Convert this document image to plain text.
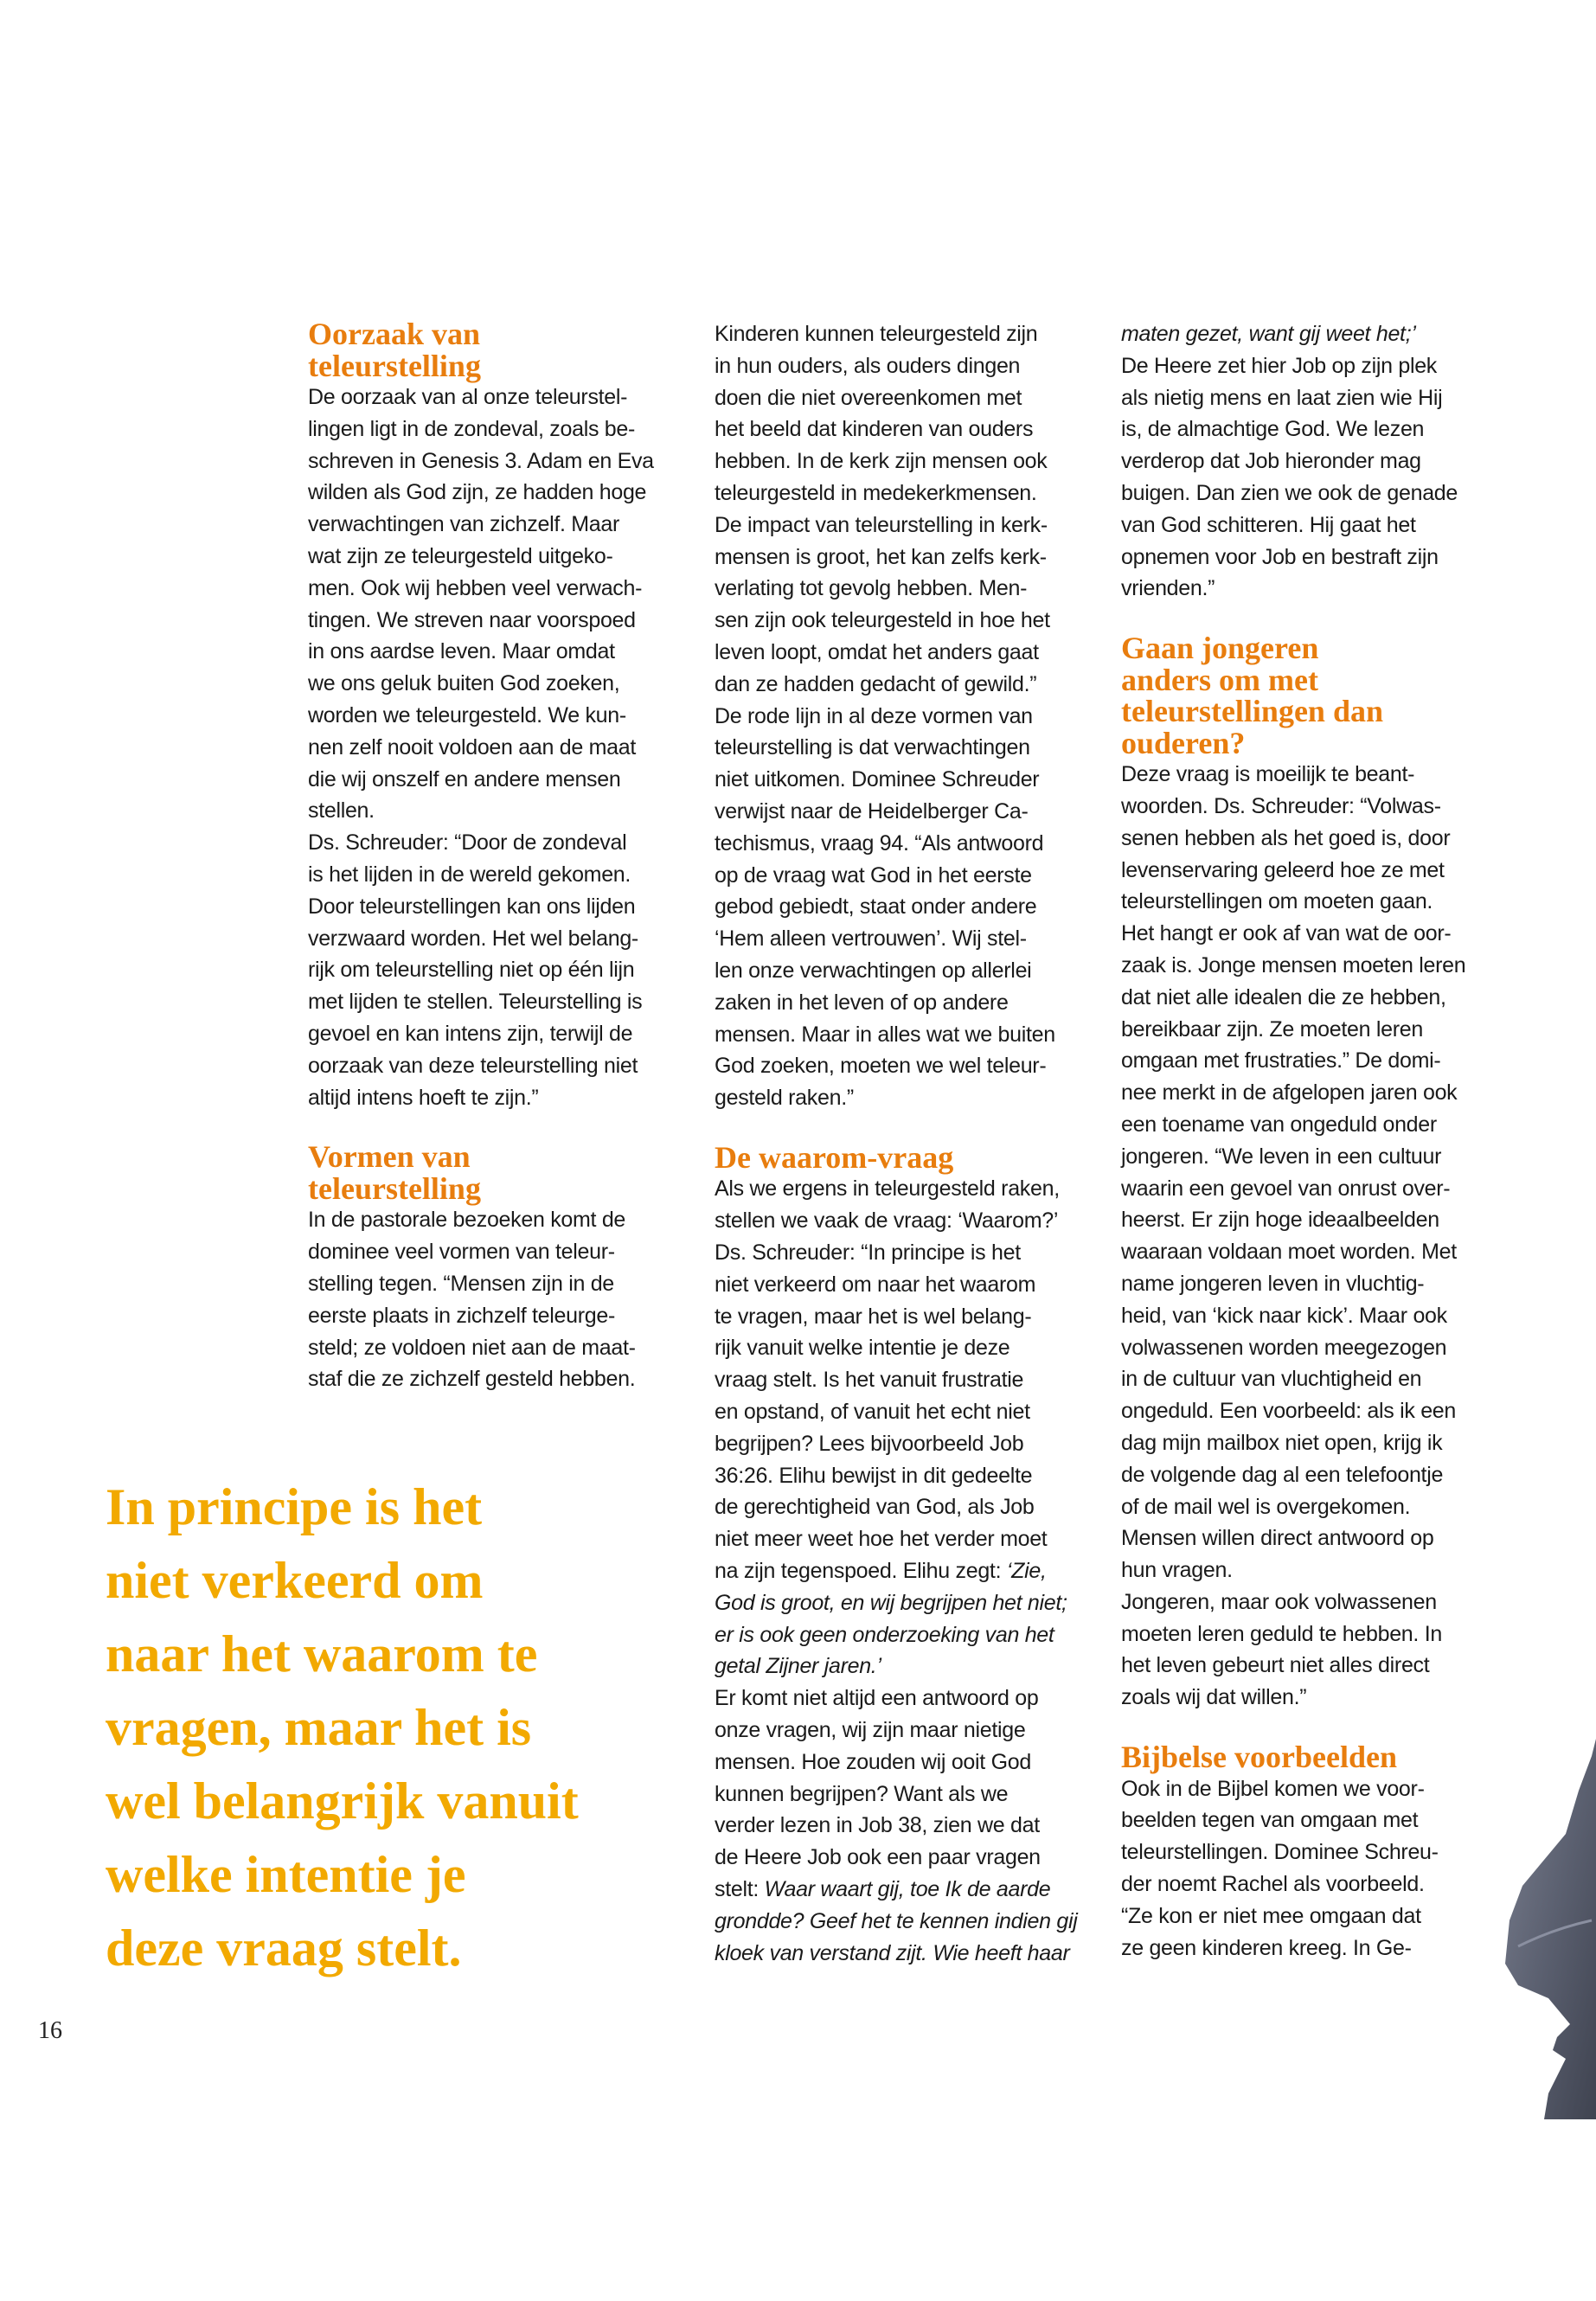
Oorzaak van
teleurstelling
De oorzaak van al onze teleurstel-
lingen ligt in de zondeval, zoals be-
schreven in Genesis 3. Adam en Eva
wilden als God zijn, ze hadden hoge
verwachtingen van zichzelf. Maar
wat zijn ze teleurgesteld uitgeko-
men. Ook wij hebben veel verwach-
tingen. We streven naar voorspoed
in ons aardse leven. Maar omdat
we ons geluk buiten God zoeken,
worden we teleurgesteld. We kun-
nen zelf nooit voldoen aan de maat
die wij onszelf en andere mensen
stellen.
Ds. Schreuder: “Door de zondeval
is het lijden in de wereld gekomen.
Door teleurstellingen kan ons lijden
verzwaard worden. Het wel belang-
rijk om teleurstelling niet op één lijn
met lijden te stellen. Teleurstelling is
gevoel en kan intens zijn, terwijl de
oorzaak van deze teleurstelling niet
altijd intens hoeft te zijn.”
Vormen van
teleurstelling
In de pastorale bezoeken komt de
dominee veel vormen van teleur-
stelling tegen. “Mensen zijn in de
eerste plaats in zichzelf teleurge-
steld; ze voldoen niet aan de maat-
staf die ze zichzelf gesteld hebben.
Kinderen kunnen teleurgesteld zijn
in hun ouders, als ouders dingen
doen die niet overeenkomen met
het beeld dat kinderen van ouders
hebben. In de kerk zijn mensen ook
teleurgesteld in medekerkmensen.
De impact van teleurstelling in kerk-
mensen is groot, het kan zelfs kerk-
verlating tot gevolg hebben. Men-
sen zijn ook teleurgesteld in hoe het
leven loopt, omdat het anders gaat
dan ze hadden gedacht of gewild.”
De rode lijn in al deze vormen van
teleurstelling is dat verwachtingen
niet uitkomen. Dominee Schreuder
verwijst naar de Heidelberger Ca-
techismus, vraag 94. “Als antwoord
op de vraag wat God in het eerste
gebod gebiedt, staat onder andere
‘Hem alleen vertrouwen’. Wij stel-
len onze verwachtingen op allerlei
zaken in het leven of op andere
mensen. Maar in alles wat we buiten
God zoeken, moeten we wel teleur-
gesteld raken.”
De waarom-vraag
Als we ergens in teleurgesteld raken,
stellen we vaak de vraag: ‘Waarom?’
Ds. Schreuder: “In principe is het
niet verkeerd om naar het waarom
te vragen, maar het is wel belang-
rijk vanuit welke intentie je deze
vraag stelt. Is het vanuit frustratie
en opstand, of vanuit het echt niet
begrijpen? Lees bijvoorbeeld Job
36:26. Elihu bewijst in dit gedeelte
de gerechtigheid van God, als Job
niet meer weet hoe het verder moet
na zijn tegenspoed. Elihu zegt: ‘Zie,
God is groot, en wij begrijpen het niet;
er is ook geen onderzoeking van het
getal Zijner jaren.’
Er komt niet altijd een antwoord op
onze vragen, wij zijn maar nietige
mensen. Hoe zouden wij ooit God
kunnen begrijpen? Want als we
verder lezen in Job 38, zien we dat
de Heere Job ook een paar vragen
stelt: Waar waart gij, toe Ik de aarde
grondde? Geef het te kennen indien gij
kloek van verstand zijt. Wie heeft haar
maten gezet, want gij weet het;’
De Heere zet hier Job op zijn plek
als nietig mens en laat zien wie Hij
is, de almachtige God. We lezen
verderop dat Job hieronder mag
buigen. Dan zien we ook de genade
van God schitteren. Hij gaat het
opnemen voor Job en bestraft zijn
vrienden.”
Gaan jongeren
anders om met
teleurstellingen dan
ouderen?
Deze vraag is moeilijk te beant-
woorden. Ds. Schreuder: “Volwas-
senen hebben als het goed is, door
levenservaring geleerd hoe ze met
teleurstellingen om moeten gaan.
Het hangt er ook af van wat de oor-
zaak is. Jonge mensen moeten leren
dat niet alle idealen die ze hebben,
bereikbaar zijn. Ze moeten leren
omgaan met frustraties.” De domi-
nee merkt in de afgelopen jaren ook
een toename van ongeduld onder
jongeren. “We leven in een cultuur
waarin een gevoel van onrust over-
heerst. Er zijn hoge ideaalbeelden
waaraan voldaan moet worden. Met
name jongeren leven in vluchtig-
heid, van ‘kick naar kick’. Maar ook
volwassenen worden meegezogen
in de cultuur van vluchtigheid en
ongeduld. Een voorbeeld: als ik een
dag mijn mailbox niet open, krijg ik
de volgende dag al een telefoontje
of de mail wel is overgekomen.
Mensen willen direct antwoord op
hun vragen.
Jongeren, maar ook volwassenen
moeten leren geduld te hebben. In
het leven gebeurt niet alles direct
zoals wij dat willen.”
Bijbelse voorbeelden
Ook in de Bijbel komen we voor-
beelden tegen van omgaan met
teleurstellingen. Dominee Schreu-
der noemt Rachel als voorbeeld.
“Ze kon er niet mee omgaan dat
ze geen kinderen kreeg. In Ge-
In principe is het
niet verkeerd om
naar het waarom te
vragen, maar het is
wel belangrijk vanuit
welke intentie je
deze vraag stelt.
16
